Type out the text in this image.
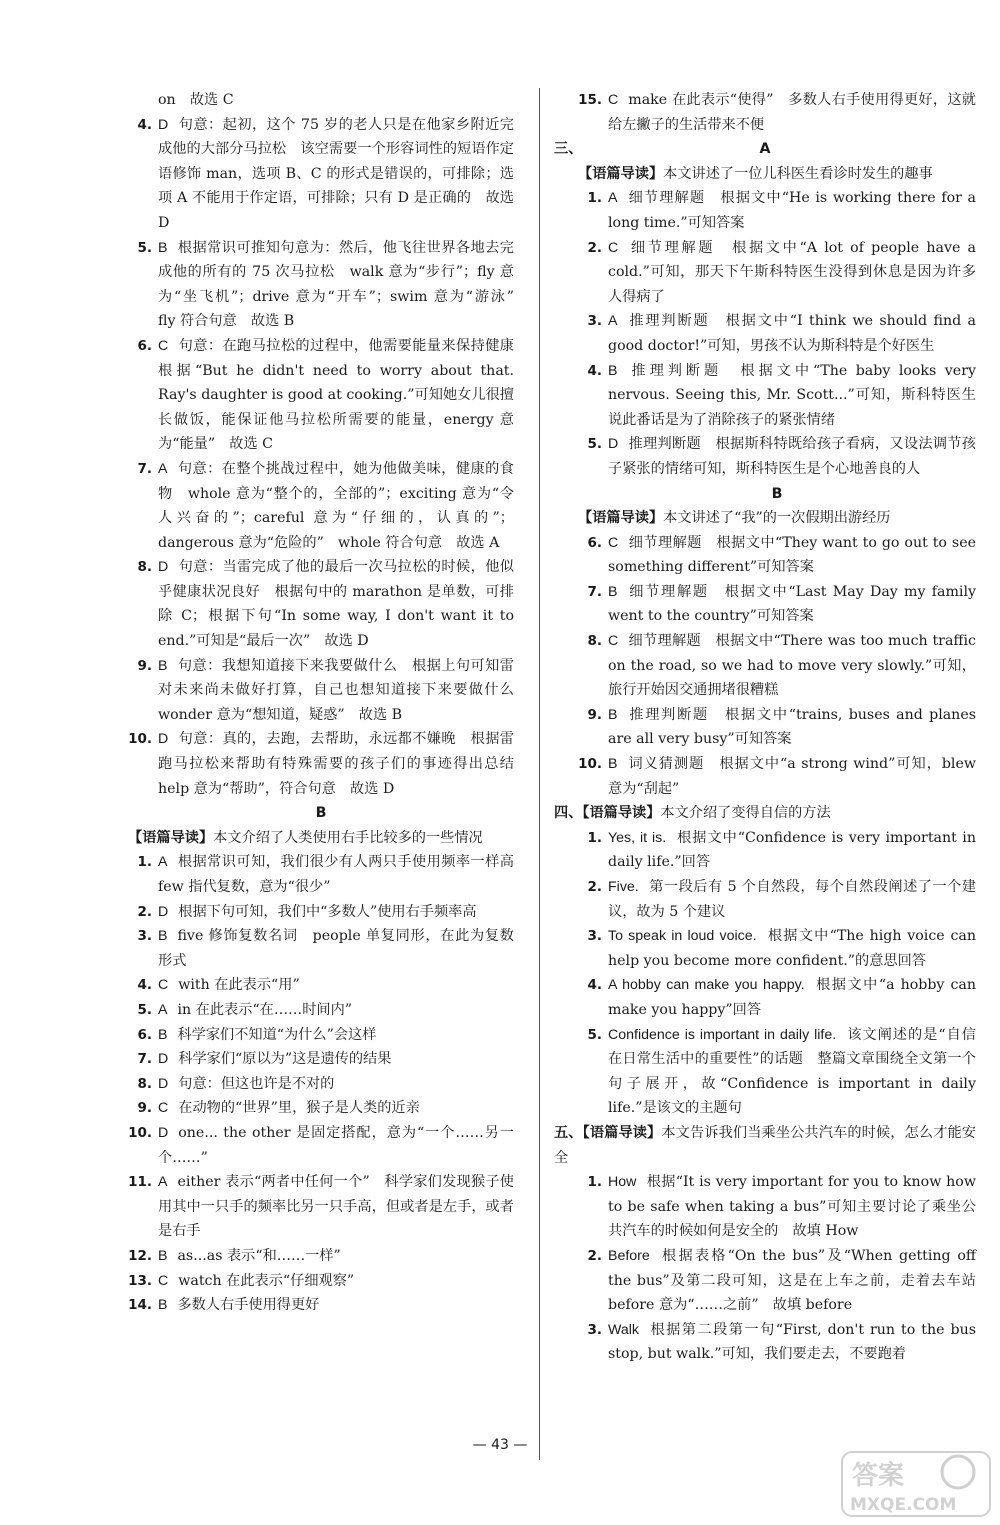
on　故选 C
4. D 句意：起初，这个 75 岁的老人只是在他家乡附近完成他的大部分马拉松　该空需要一个形容词性的短语作定语修饰 man，选项 B、C 的形式是错误的，可排除；选项 A 不能用于作定语，可排除；只有 D 是正确的　故选 D
5. B 根据常识可推知句意为：然后，他飞往世界各地去完成他的所有的 75 次马拉松　walk 意为“步行”；fly 意为“坐飞机”；drive 意为“开车”；swim 意为“游泳”　fly 符合句意　故选 B
6. C 句意：在跑马拉松的过程中，他需要能量来保持健康　根据“But he didn't need to worry about that. Ray's daughter is good at cooking.”可知她女儿很擅长做饭，能保证他马拉松所需要的能量，energy 意为“能量”　故选 C
7. A 句意：在整个挑战过程中，她为他做美味，健康的食物　whole 意为“整个的，全部的”；exciting 意为“令人兴奋的”；careful 意为“仔细的，认真的”；dangerous 意为“危险的”　whole 符合句意　故选 A
8. D 句意：当雷完成了他的最后一次马拉松的时候，他似乎健康状况良好　根据句中的 marathon 是单数，可排除 C；根据下句“In some way, I don't want it to end.”可知是“最后一次”　故选 D
9. B 句意：我想知道接下来我要做什么　根据上句可知雷对未来尚未做好打算，自己也想知道接下来要做什么　wonder 意为“想知道，疑惑”　故选 B
10. D 句意：真的，去跑，去帮助，永远都不嫌晚　根据雷跑马拉松来帮助有特殊需要的孩子们的事迹得出总结　help 意为“帮助”，符合句意　故选 D
B
【语篇导读】本文介绍了人类使用右手比较多的一些情况
1. A 根据常识可知，我们很少有人两只手使用频率一样高　few 指代复数，意为“很少”
2. D 根据下句可知，我们中“多数人”使用右手频率高
3. B five 修饰复数名词　people 单复同形，在此为复数形式
4. C with 在此表示“用”
5. A in 在此表示“在……时间内”
6. B 科学家们不知道“为什么”会这样
7. D 科学家们“原以为”这是遗传的结果
8. D 句意：但这也许是不对的
9. C 在动物的“世界”里，猴子是人类的近亲
10. D one... the other 是固定搭配，意为“一个……另一个……”
11. A either 表示“两者中任何一个”　科学家们发现猴子使用其中一只手的频率比另一只手高，但或者是左手，或者是右手
12. B as...as 表示“和……一样”
13. C watch 在此表示“仔细观察”
14. B 多数人右手使用得更好
15. C make 在此表示“使得”　多数人右手使用得更好，这就给左撇子的生活带来不便
三、	A
【语篇导读】本文讲述了一位儿科医生看诊时发生的趣事
1. A 细节理解题　根据文中“He is working there for a long time.”可知答案
2. C 细节理解题　根据文中“A lot of people have a cold.”可知，那天下午斯科特医生没得到休息是因为许多人得病了
3. A 推理判断题　根据文中“I think we should find a good doctor!”可知，男孩不认为斯科特是个好医生
4. B 推理判断题　根据文中“The baby looks very nervous. Seeing this, Mr. Scott...”可知，斯科特医生说此番话是为了消除孩子的紧张情绪
5. D 推理判断题　根据斯科特既给孩子看病，又设法调节孩子紧张的情绪可知，斯科特医生是个心地善良的人
B
【语篇导读】本文讲述了“我”的一次假期出游经历
6. C 细节理解题　根据文中“They want to go out to see something different”可知答案
7. B 细节理解题　根据文中“Last May Day my family went to the country”可知答案
8. C 细节理解题　根据文中“There was too much traffic on the road, so we had to move very slowly.”可知，旅行开始因交通拥堵很糟糕
9. B 推理判断题　根据文中“trains, buses and planes are all very busy”可知答案
10. B 词义猜测题　根据文中“a strong wind”可知，blew 意为“刮起”
四、【语篇导读】本文介绍了变得自信的方法
1. Yes, it is. 根据文中“Confidence is very important in daily life.”回答
2. Five. 第一段后有 5 个自然段，每个自然段阐述了一个建议，故为 5 个建议
3. To speak in loud voice. 根据文中“The high voice can help you become more confident.”的意思回答
4. A hobby can make you happy. 根据文中“a hobby can make you happy”回答
5. Confidence is important in daily life. 该文阐述的是“自信在日常生活中的重要性”的话题　整篇文章围绕全文第一个句子展开，故“Confidence is important in daily life.”是该文的主题句
五、【语篇导读】本文告诉我们当乘坐公共汽车的时候，怎么才能安全
1. How 根据“It is very important for you to know how to be safe when taking a bus”可知主要讨论了乘坐公共汽车的时候如何是安全的　故填 How
2. Before 根据表格“On the bus”及“When getting off the bus”及第二段可知，这是在上车之前，走着去车站　before 意为“……之前”　故填 before
3. Walk 根据第二段第一句“First, don't run to the bus stop, but walk.”可知，我们要走去，不要跑着
— 43 —
答案
MXQE.COM
